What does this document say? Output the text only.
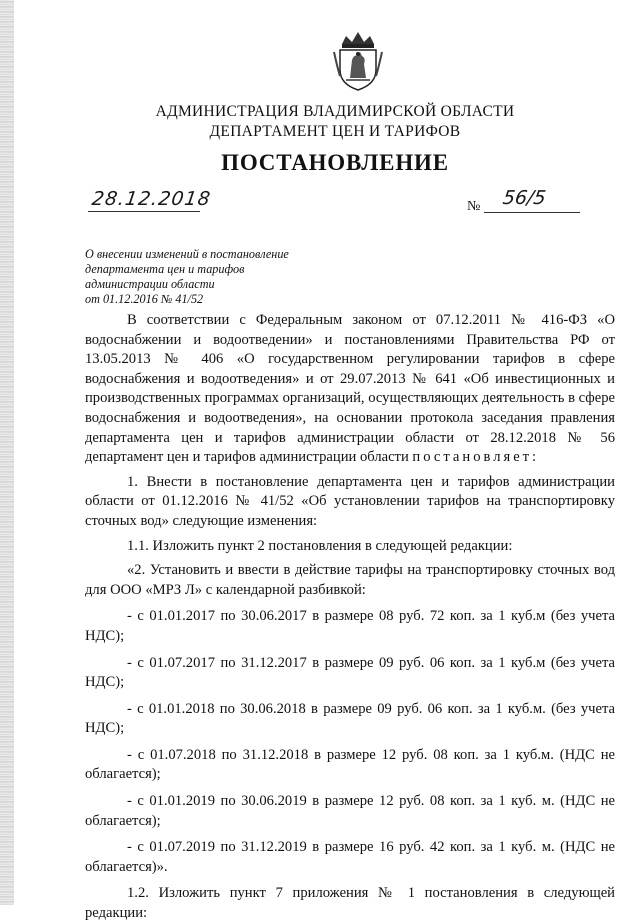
АДМИНИСТРАЦИЯ ВЛАДИМИРСКОЙ ОБЛАСТИ
ДЕПАРТАМЕНТ ЦЕН И ТАРИФОВ
ПОСТАНОВЛЕНИЕ
28.12.2018	№ 56/5
О внесении изменений в постановление
департамента цен и тарифов
администрации области
от 01.12.2016 № 41/52

В соответствии с Федеральным законом от 07.12.2011 № 416-ФЗ «О водоснабжении и водоотведении» и постановлениями Правительства РФ от 13.05.2013 № 406 «О государственном регулировании тарифов в сфере водоснабжения и водоотведения» и от 29.07.2013 № 641 «Об инвестиционных и производственных программах организаций, осуществляющих деятельность в сфере водоснабжения и водоотведения», на основании протокола заседания правления департамента цен и тарифов администрации области от 28.12.2018 № 56 департамент цен и тарифов администрации области постановляет:

1. Внести в постановление департамента цен и тарифов администрации области от 01.12.2016 № 41/52 «Об установлении тарифов на транспортировку сточных вод» следующие изменения:

1.1. Изложить пункт 2 постановления в следующей редакции:

«2. Установить и ввести в действие тарифы на транспортировку сточных вод для ООО «МРЗ Л» с календарной разбивкой:

- с 01.01.2017 по 30.06.2017 в размере 08 руб. 72 коп. за 1 куб.м (без учета НДС);

- с 01.07.2017 по 31.12.2017 в размере 09 руб. 06 коп. за 1 куб.м (без учета НДС);

- с 01.01.2018 по 30.06.2018 в размере 09 руб. 06 коп. за 1 куб.м. (без учета НДС);

- с 01.07.2018 по 31.12.2018 в размере 12 руб. 08 коп. за 1 куб.м. (НДС не облагается);

- с 01.01.2019 по 30.06.2019 в размере 12 руб. 08 коп. за 1 куб. м. (НДС не облагается);

- с 01.07.2019 по 31.12.2019 в размере 16 руб. 42 коп. за 1 куб. м. (НДС не облагается)».

1.2. Изложить пункт 7 приложения № 1 постановления в следующей редакции:
